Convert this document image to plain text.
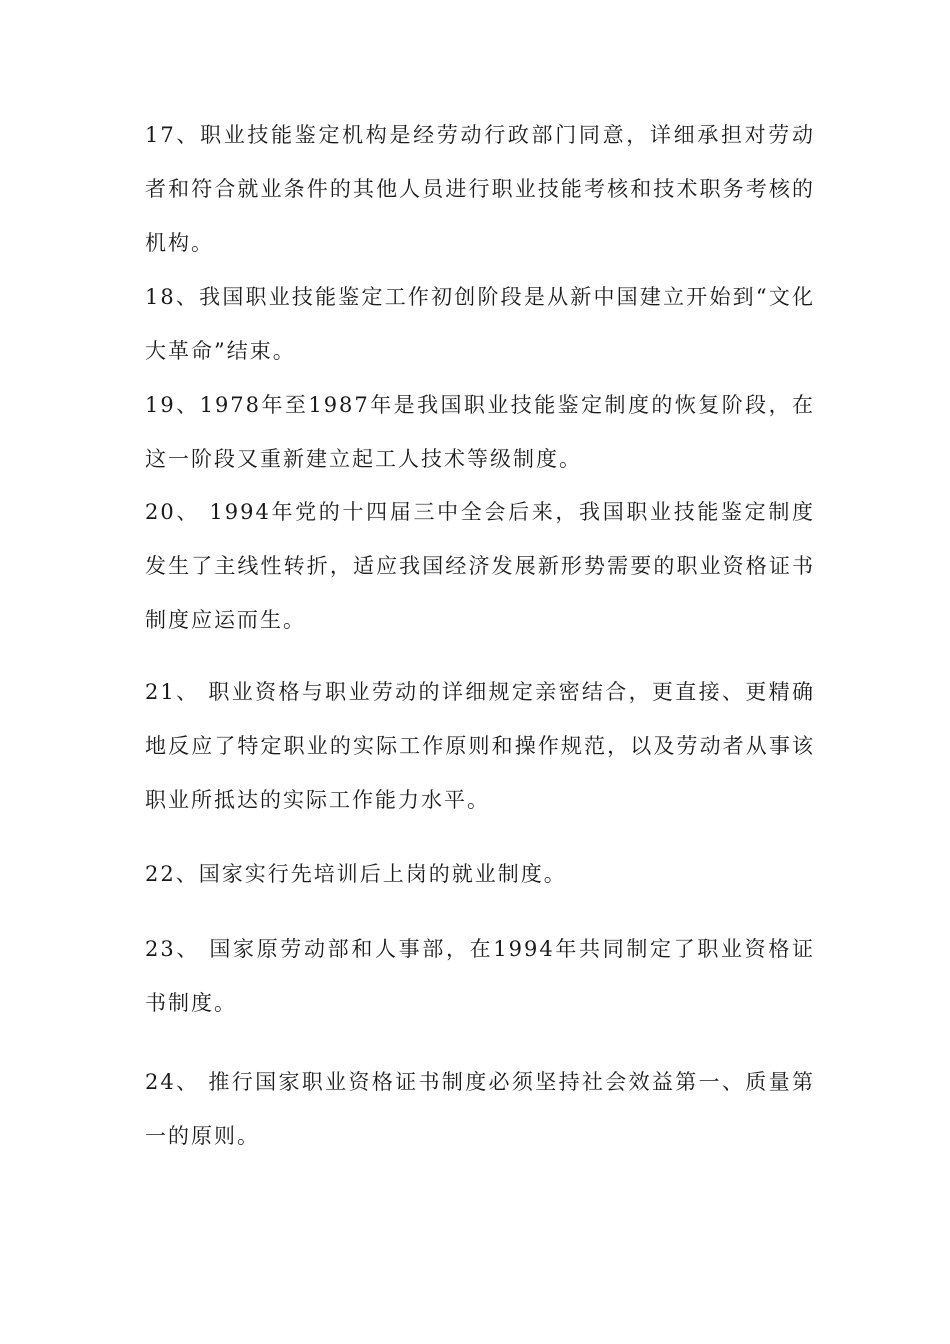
17、职业技能鉴定机构是经劳动行政部门同意，详细承担对劳动者和符合就业条件的其他人员进行职业技能考核和技术职务考核的机构。

18、我国职业技能鉴定工作初创阶段是从新中国建立开始到“文化大革命”结束。

19、1978年至1987年是我国职业技能鉴定制度的恢复阶段，在这一阶段又重新建立起工人技术等级制度。

20、 1994年党的十四届三中全会后来，我国职业技能鉴定制度发生了主线性转折，适应我国经济发展新形势需要的职业资格证书制度应运而生。

21、 职业资格与职业劳动的详细规定亲密结合，更直接、更精确地反应了特定职业的实际工作原则和操作规范，以及劳动者从事该职业所抵达的实际工作能力水平。

22、国家实行先培训后上岗的就业制度。

23、 国家原劳动部和人事部，在1994年共同制定了职业资格证书制度。

24、 推行国家职业资格证书制度必须坚持社会效益第一、质量第一的原则。
